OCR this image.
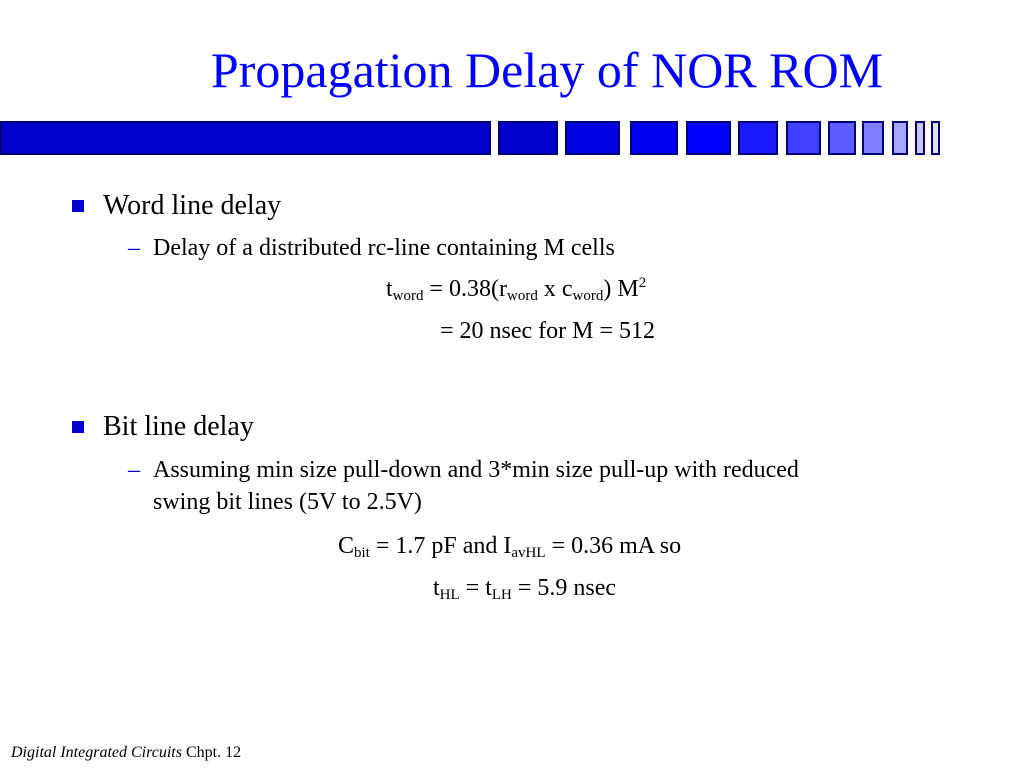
Propagation Delay of NOR ROM
Word line delay
– Delay of a distributed rc-line containing M cells
$t_{word} = 0.38(r_{word}$ x $c_{word}$) $M^2$
= 20 nsec for M = 512
Bit line delay
– Assuming min size pull-down and 3*min size pull-up with reduced
swing bit lines (5V to 2.5V)
$C_{bit} = 1.7$ pF and $I_{avHL} = 0.36$ mA so
$t_{HL} = t_{LH} = 5.9$ nsec
Digital Integrated Circuits Chpt. 12
